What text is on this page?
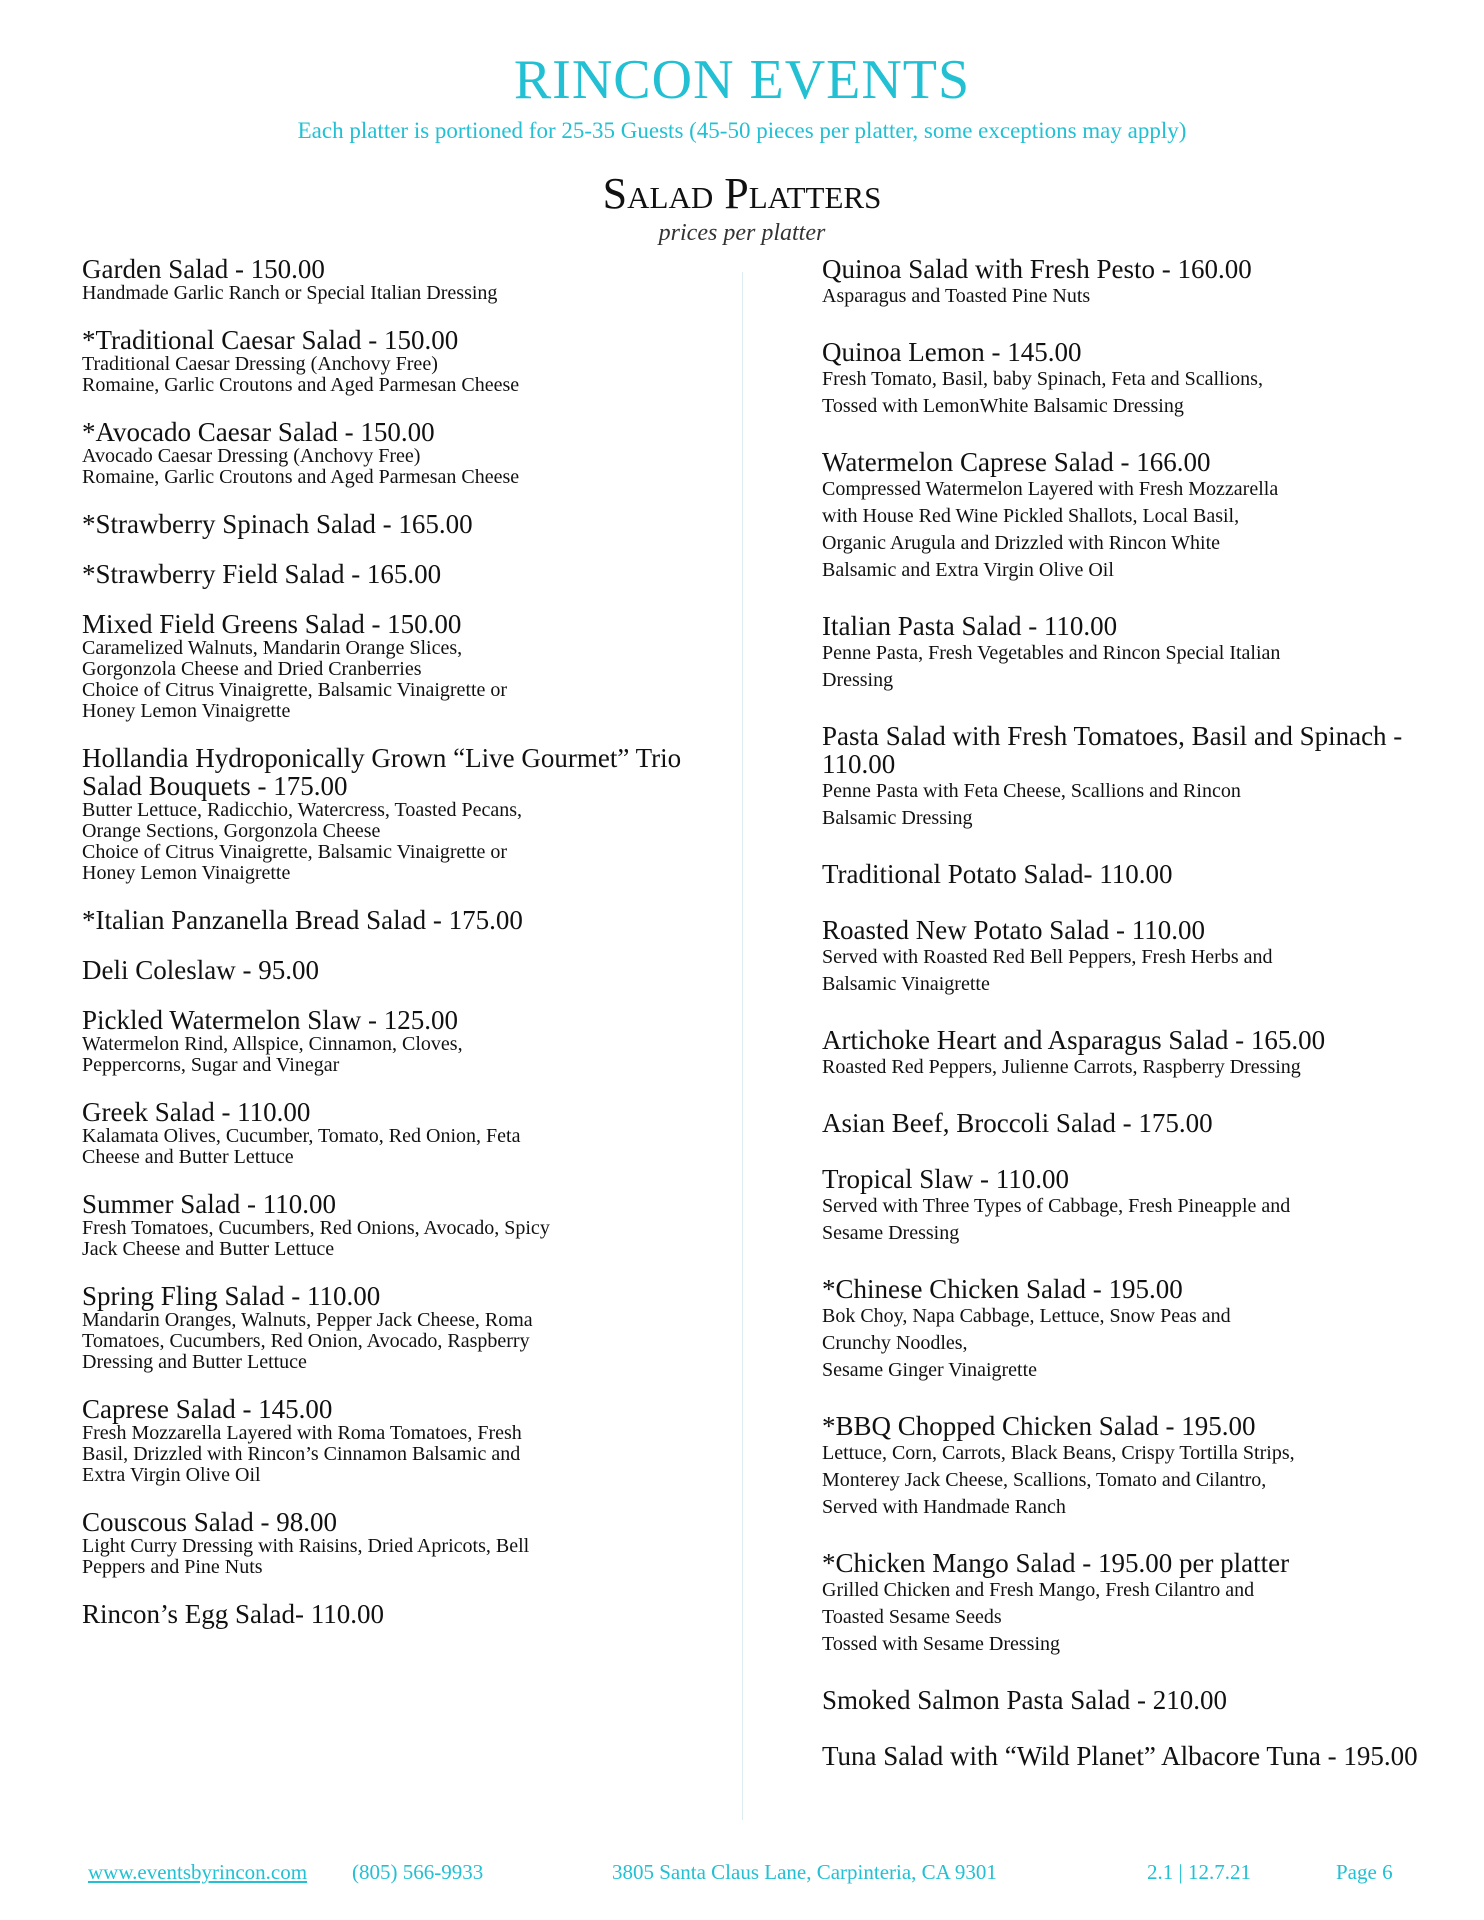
RINCON EVENTS
Each platter is portioned for 25-35 Guests (45-50 pieces per platter, some exceptions may apply)
Salad Platters
prices per platter
Garden Salad - 150.00
Handmade Garlic Ranch or Special Italian Dressing
*Traditional Caesar Salad - 150.00
Traditional Caesar Dressing (Anchovy Free)
Romaine, Garlic Croutons and Aged Parmesan Cheese
*Avocado Caesar Salad - 150.00
Avocado Caesar Dressing (Anchovy Free)
Romaine, Garlic Croutons and Aged Parmesan Cheese
*Strawberry Spinach Salad - 165.00
*Strawberry Field Salad - 165.00
Mixed Field Greens Salad - 150.00
Caramelized Walnuts, Mandarin Orange Slices,
Gorgonzola Cheese and Dried Cranberries
Choice of Citrus Vinaigrette, Balsamic Vinaigrette or
Honey Lemon Vinaigrette
Hollandia Hydroponically Grown “Live Gourmet” Trio Salad Bouquets - 175.00
Butter Lettuce, Radicchio, Watercress, Toasted Pecans,
Orange Sections, Gorgonzola Cheese
Choice of Citrus Vinaigrette, Balsamic Vinaigrette or
Honey Lemon Vinaigrette
*Italian Panzanella Bread Salad - 175.00
Deli Coleslaw - 95.00
Pickled Watermelon Slaw - 125.00
Watermelon Rind, Allspice, Cinnamon, Cloves,
Peppercorns, Sugar and Vinegar
Greek Salad - 110.00
Kalamata Olives, Cucumber, Tomato, Red Onion, Feta
Cheese and Butter Lettuce
Summer Salad - 110.00
Fresh Tomatoes, Cucumbers, Red Onions, Avocado, Spicy
Jack Cheese and Butter Lettuce
Spring Fling Salad - 110.00
Mandarin Oranges, Walnuts, Pepper Jack Cheese, Roma
Tomatoes, Cucumbers, Red Onion, Avocado, Raspberry
Dressing and Butter Lettuce
Caprese Salad - 145.00
Fresh Mozzarella Layered with Roma Tomatoes, Fresh
Basil, Drizzled with Rincon’s Cinnamon Balsamic and
Extra Virgin Olive Oil
Couscous Salad - 98.00
Light Curry Dressing with Raisins, Dried Apricots, Bell
Peppers and Pine Nuts
Rincon’s Egg Salad- 110.00
Quinoa Salad with Fresh Pesto - 160.00
Asparagus and Toasted Pine Nuts
Quinoa Lemon - 145.00
Fresh Tomato, Basil, baby Spinach, Feta and Scallions,
Tossed with LemonWhite Balsamic Dressing
Watermelon Caprese Salad - 166.00
Compressed Watermelon Layered with Fresh Mozzarella
with House Red Wine Pickled Shallots, Local Basil,
Organic Arugula and Drizzled with Rincon White
Balsamic and Extra Virgin Olive Oil
Italian Pasta Salad - 110.00
Penne Pasta, Fresh Vegetables and Rincon Special Italian
Dressing
Pasta Salad with Fresh Tomatoes, Basil and Spinach - 110.00
Penne Pasta with Feta Cheese, Scallions and Rincon
Balsamic Dressing
Traditional Potato Salad- 110.00
Roasted New Potato Salad - 110.00
Served with Roasted Red Bell Peppers, Fresh Herbs and
Balsamic Vinaigrette
Artichoke Heart and Asparagus Salad - 165.00
Roasted Red Peppers, Julienne Carrots, Raspberry Dressing
Asian Beef, Broccoli Salad - 175.00
Tropical Slaw - 110.00
Served with Three Types of Cabbage, Fresh Pineapple and
Sesame Dressing
*Chinese Chicken Salad - 195.00
Bok Choy, Napa Cabbage, Lettuce, Snow Peas and
Crunchy Noodles,
Sesame Ginger Vinaigrette
*BBQ Chopped Chicken Salad - 195.00
Lettuce, Corn, Carrots, Black Beans, Crispy Tortilla Strips,
Monterey Jack Cheese, Scallions, Tomato and Cilantro,
Served with Handmade Ranch
*Chicken Mango Salad - 195.00 per platter
Grilled Chicken and Fresh Mango, Fresh Cilantro and
Toasted Sesame Seeds
Tossed with Sesame Dressing
Smoked Salmon Pasta Salad - 210.00
Tuna Salad with “Wild Planet” Albacore Tuna - 195.00
www.eventsbyrincon.com (805) 566-9933	3805 Santa Claus Lane, Carpinteria, CA 9301	2.1 | 12.7.21	Page 6
